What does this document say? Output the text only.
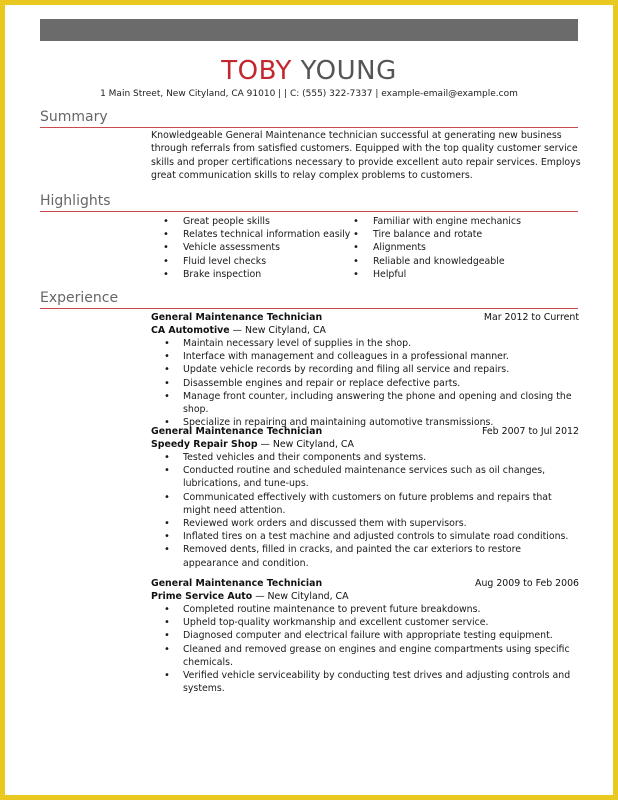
TOBY YOUNG
1 Main Street, New Cityland, CA 91010 | | C: (555) 322-7337 | example-email@example.com
Summary
Knowledgeable General Maintenance technician successful at generating new business through referrals from satisfied customers. Equipped with the top quality customer service skills and proper certifications necessary to provide excellent auto repair services. Employs great communication skills to relay complex problems to customers.
Highlights
• Great people skills
• Relates technical information easily
• Vehicle assessments
• Fluid level checks
• Brake inspection
• Familiar with engine mechanics
• Tire balance and rotate
• Alignments
• Reliable and knowledgeable
• Helpful
Experience
General Maintenance Technician	Mar 2012 to Current
CA Automotive — New Cityland, CA
• Maintain necessary level of supplies in the shop.
• Interface with management and colleagues in a professional manner.
• Update vehicle records by recording and filing all service and repairs.
• Disassemble engines and repair or replace defective parts.
• Manage front counter, including answering the phone and opening and closing the shop.
• Specialize in repairing and maintaining automotive transmissions.
General Maintenance Technician	Feb 2007 to Jul 2012
Speedy Repair Shop — New Cityland, CA
• Tested vehicles and their components and systems.
• Conducted routine and scheduled maintenance services such as oil changes, lubrications, and tune-ups.
• Communicated effectively with customers on future problems and repairs that might need attention.
• Reviewed work orders and discussed them with supervisors.
• Inflated tires on a test machine and adjusted controls to simulate road conditions.
• Removed dents, filled in cracks, and painted the car exteriors to restore appearance and condition.
General Maintenance Technician	Aug 2009 to Feb 2006
Prime Service Auto — New Cityland, CA
• Completed routine maintenance to prevent future breakdowns.
• Upheld top-quality workmanship and excellent customer service.
• Diagnosed computer and electrical failure with appropriate testing equipment.
• Cleaned and removed grease on engines and engine compartments using specific chemicals.
• Verified vehicle serviceability by conducting test drives and adjusting controls and systems.
